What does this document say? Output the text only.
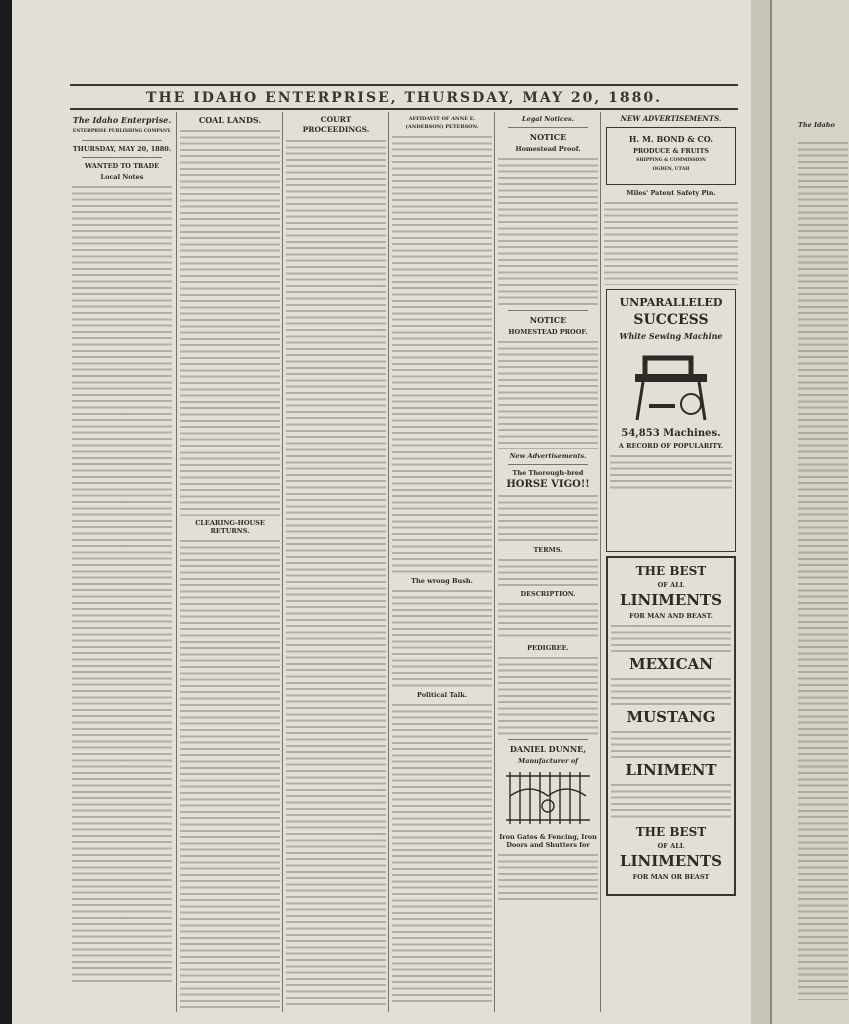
THE IDAHO ENTERPRISE, THURSDAY, MAY 20, 1880.
The Idaho Enterprise.
ENTERPRISE PUBLISHING COMPANY.
THURSDAY, MAY 20, 1880.
WANTED TO TRADE

Local Notes
COAL LANDS.
CLEARING-HOUSE RETURNS.
COURT PROCEEDINGS.
AFFIDAVIT OF ANNE E. (ANDERSON) PETERSON.
The wrong Bush.
Political Talk.
Legal Notices.
NOTICE
Homestead Proof.
NOTICE
HOMESTEAD PROOF.
New Advertisements.
The Thorough-bred
HORSE VIGO!!
TERMS.
DESCRIPTION.
PEDIGREE.
DANIEL DUNNE,
Manufacturer of
Iron Gates & Fencing, Iron Doors and Shutters for
NEW ADVERTISEMENTS.
H. M. BOND & CO.
PRODUCE & FRUITS
SHIPPING & COMMISSION
OGDEN, UTAH
Miles' Patent Safety Pin.
UNPARALLELED
SUCCESS
White Sewing Machine
54,853 Machines.
A RECORD OF POPULARITY.
THE BEST
OF ALL
LINIMENTS
FOR MAN AND BEAST.
MEXICAN
MUSTANG
LINIMENT
THE BEST
OF ALL
LINIMENTS
FOR MAN OR BEAST
The Idaho
